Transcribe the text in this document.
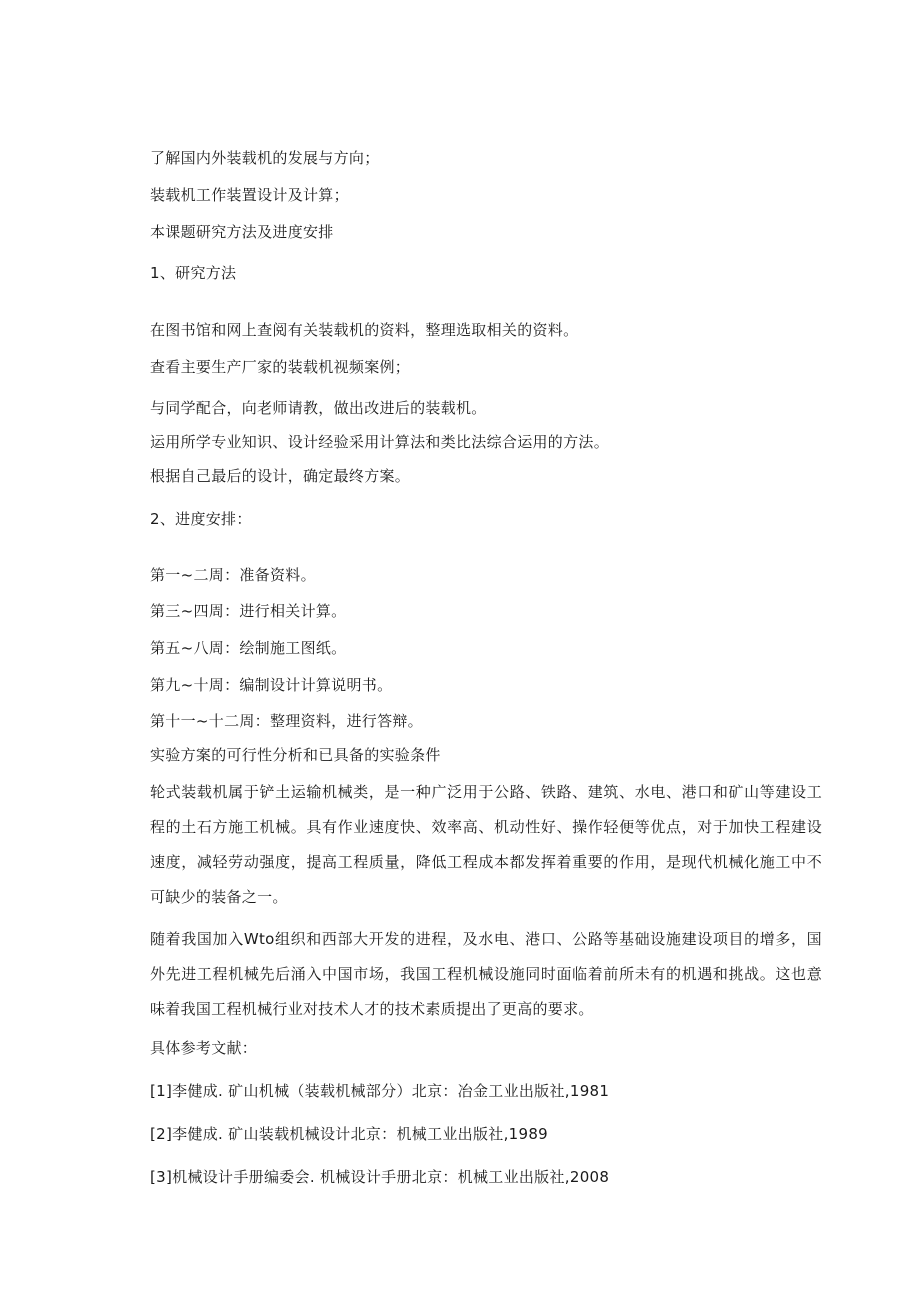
了解国内外装载机的发展与方向；
装载机工作装置设计及计算；
本课题研究方法及进度安排
1、研究方法
在图书馆和网上查阅有关装载机的资料，整理选取相关的资料。
查看主要生产厂家的装载机视频案例；
与同学配合，向老师请教，做出改进后的装载机。
运用所学专业知识、设计经验采用计算法和类比法综合运用的方法。
根据自己最后的设计，确定最终方案。
2、进度安排：
第一~二周：准备资料。
第三~四周：进行相关计算。
第五~八周：绘制施工图纸。
第九~十周：编制设计计算说明书。
第十一~十二周：整理资料，进行答辩。
实验方案的可行性分析和已具备的实验条件
轮式装载机属于铲土运输机械类，是一种广泛用于公路、铁路、建筑、水电、港口和矿山等建设工程的土石方施工机械。具有作业速度快、效率高、机动性好、操作轻便等优点，对于加快工程建设速度，减轻劳动强度，提高工程质量，降低工程成本都发挥着重要的作用，是现代机械化施工中不可缺少的装备之一。
随着我国加入Wto组织和西部大开发的进程，及水电、港口、公路等基础设施建设项目的增多，国外先进工程机械先后涌入中国市场，我国工程机械设施同时面临着前所未有的机遇和挑战。这也意味着我国工程机械行业对技术人才的技术素质提出了更高的要求。
具体参考文献：
[1]李健成. 矿山机械（装载机械部分）北京：冶金工业出版社,1981
[2]李健成. 矿山装载机械设计北京：机械工业出版社,1989
[3]机械设计手册编委会. 机械设计手册北京：机械工业出版社,2008
